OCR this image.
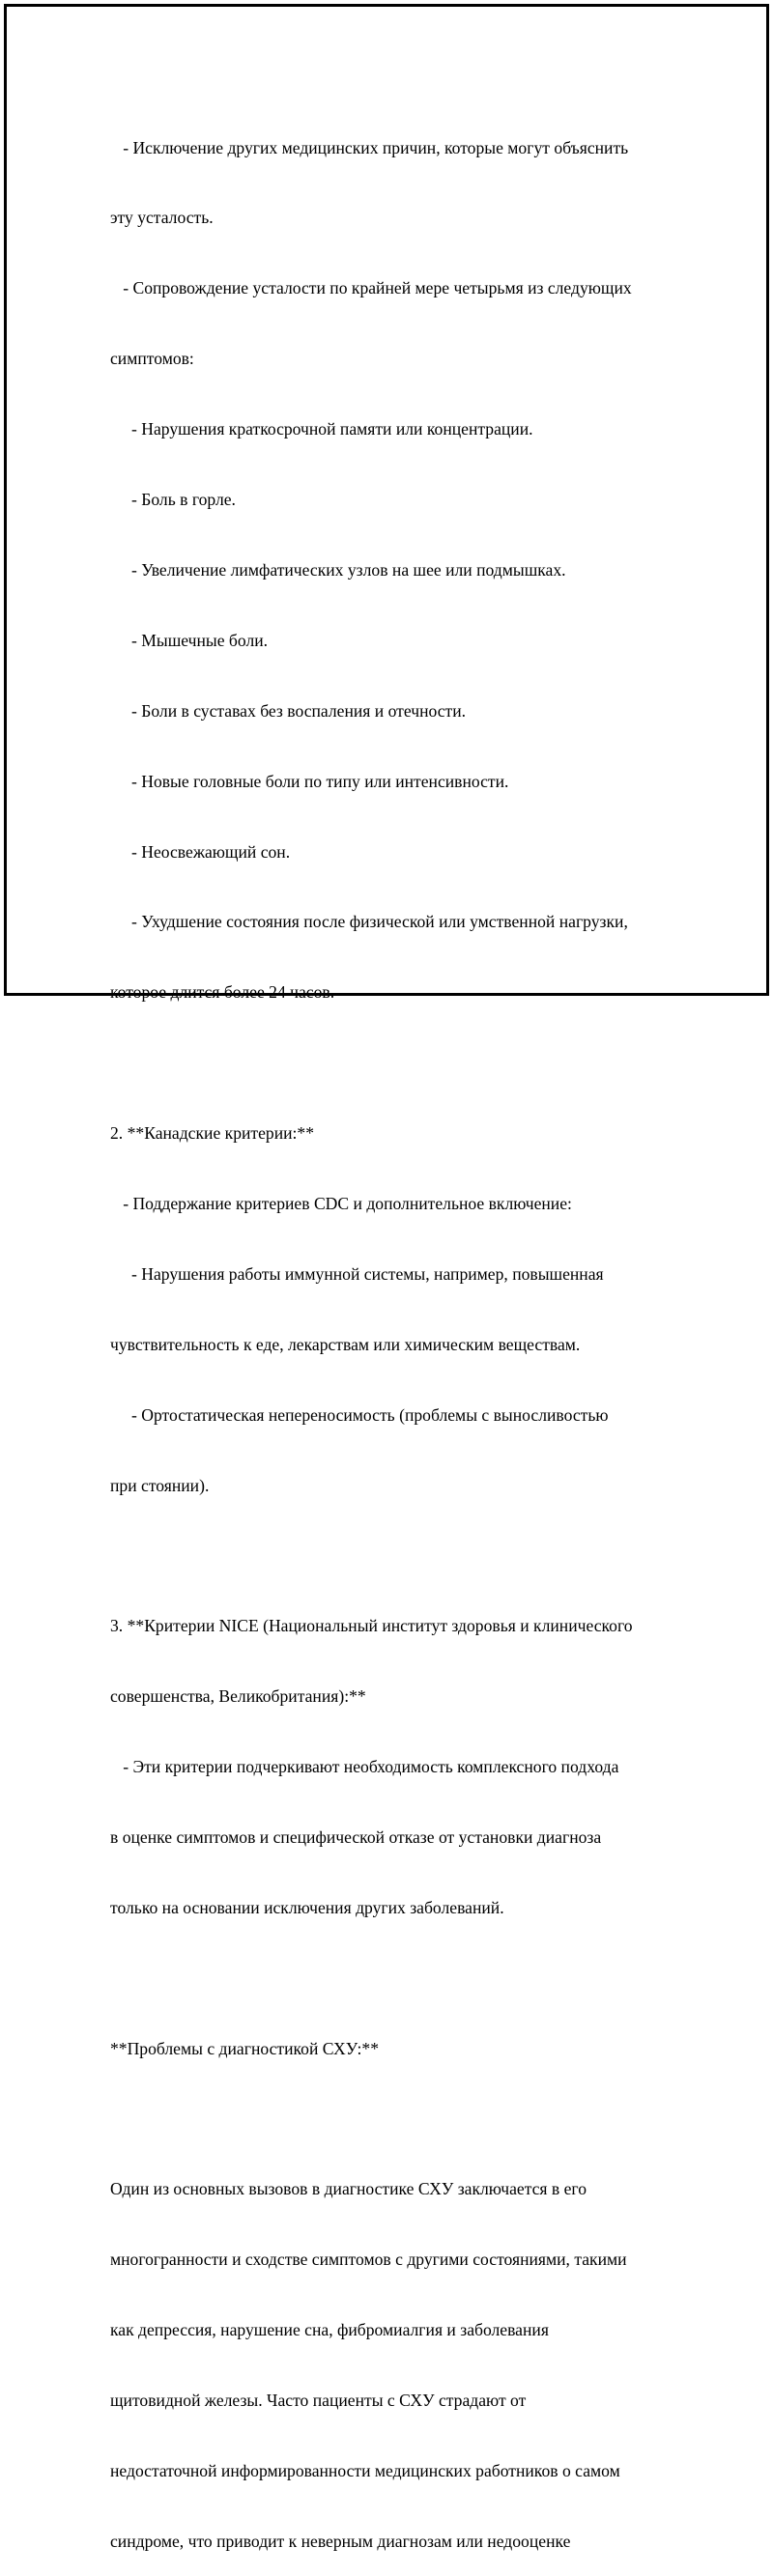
- Исключение других медицинских причин, которые могут объяснить

эту усталость.

- Сопровождение усталости по крайней мере четырьмя из следующих

симптомов:

- Нарушения краткосрочной памяти или концентрации.

- Боль в горле.

- Увеличение лимфатических узлов на шее или подмышках.

- Мышечные боли.

- Боли в суставах без воспаления и отечности.

- Новые головные боли по типу или интенсивности.

- Неосвежающий сон.

- Ухудшение состояния после физической или умственной нагрузки,

которое длится более 24 часов.

2. **Канадские критерии:**

- Поддержание критериев CDC и дополнительное включение:

- Нарушения работы иммунной системы, например, повышенная

чувствительность к еде, лекарствам или химическим веществам.

- Ортостатическая непереносимость (проблемы с выносливостью

при стоянии).

3. **Критерии NICE (Национальный институт здоровья и клинического

совершенства, Великобритания):**

- Эти критерии подчеркивают необходимость комплексного подхода

в оценке симптомов и специфической отказе от установки диагноза

только на основании исключения других заболеваний.

**Проблемы с диагностикой СХУ:**

Один из основных вызовов в диагностике СХУ заключается в его

многогранности и сходстве симптомов с другими состояниями, такими

как депрессия, нарушение сна, фибромиалгия и заболевания

щитовидной железы. Часто пациенты с СХУ страдают от

недостаточной информированности медицинских работников о самом

синдроме, что приводит к неверным диагнозам или недооценке
